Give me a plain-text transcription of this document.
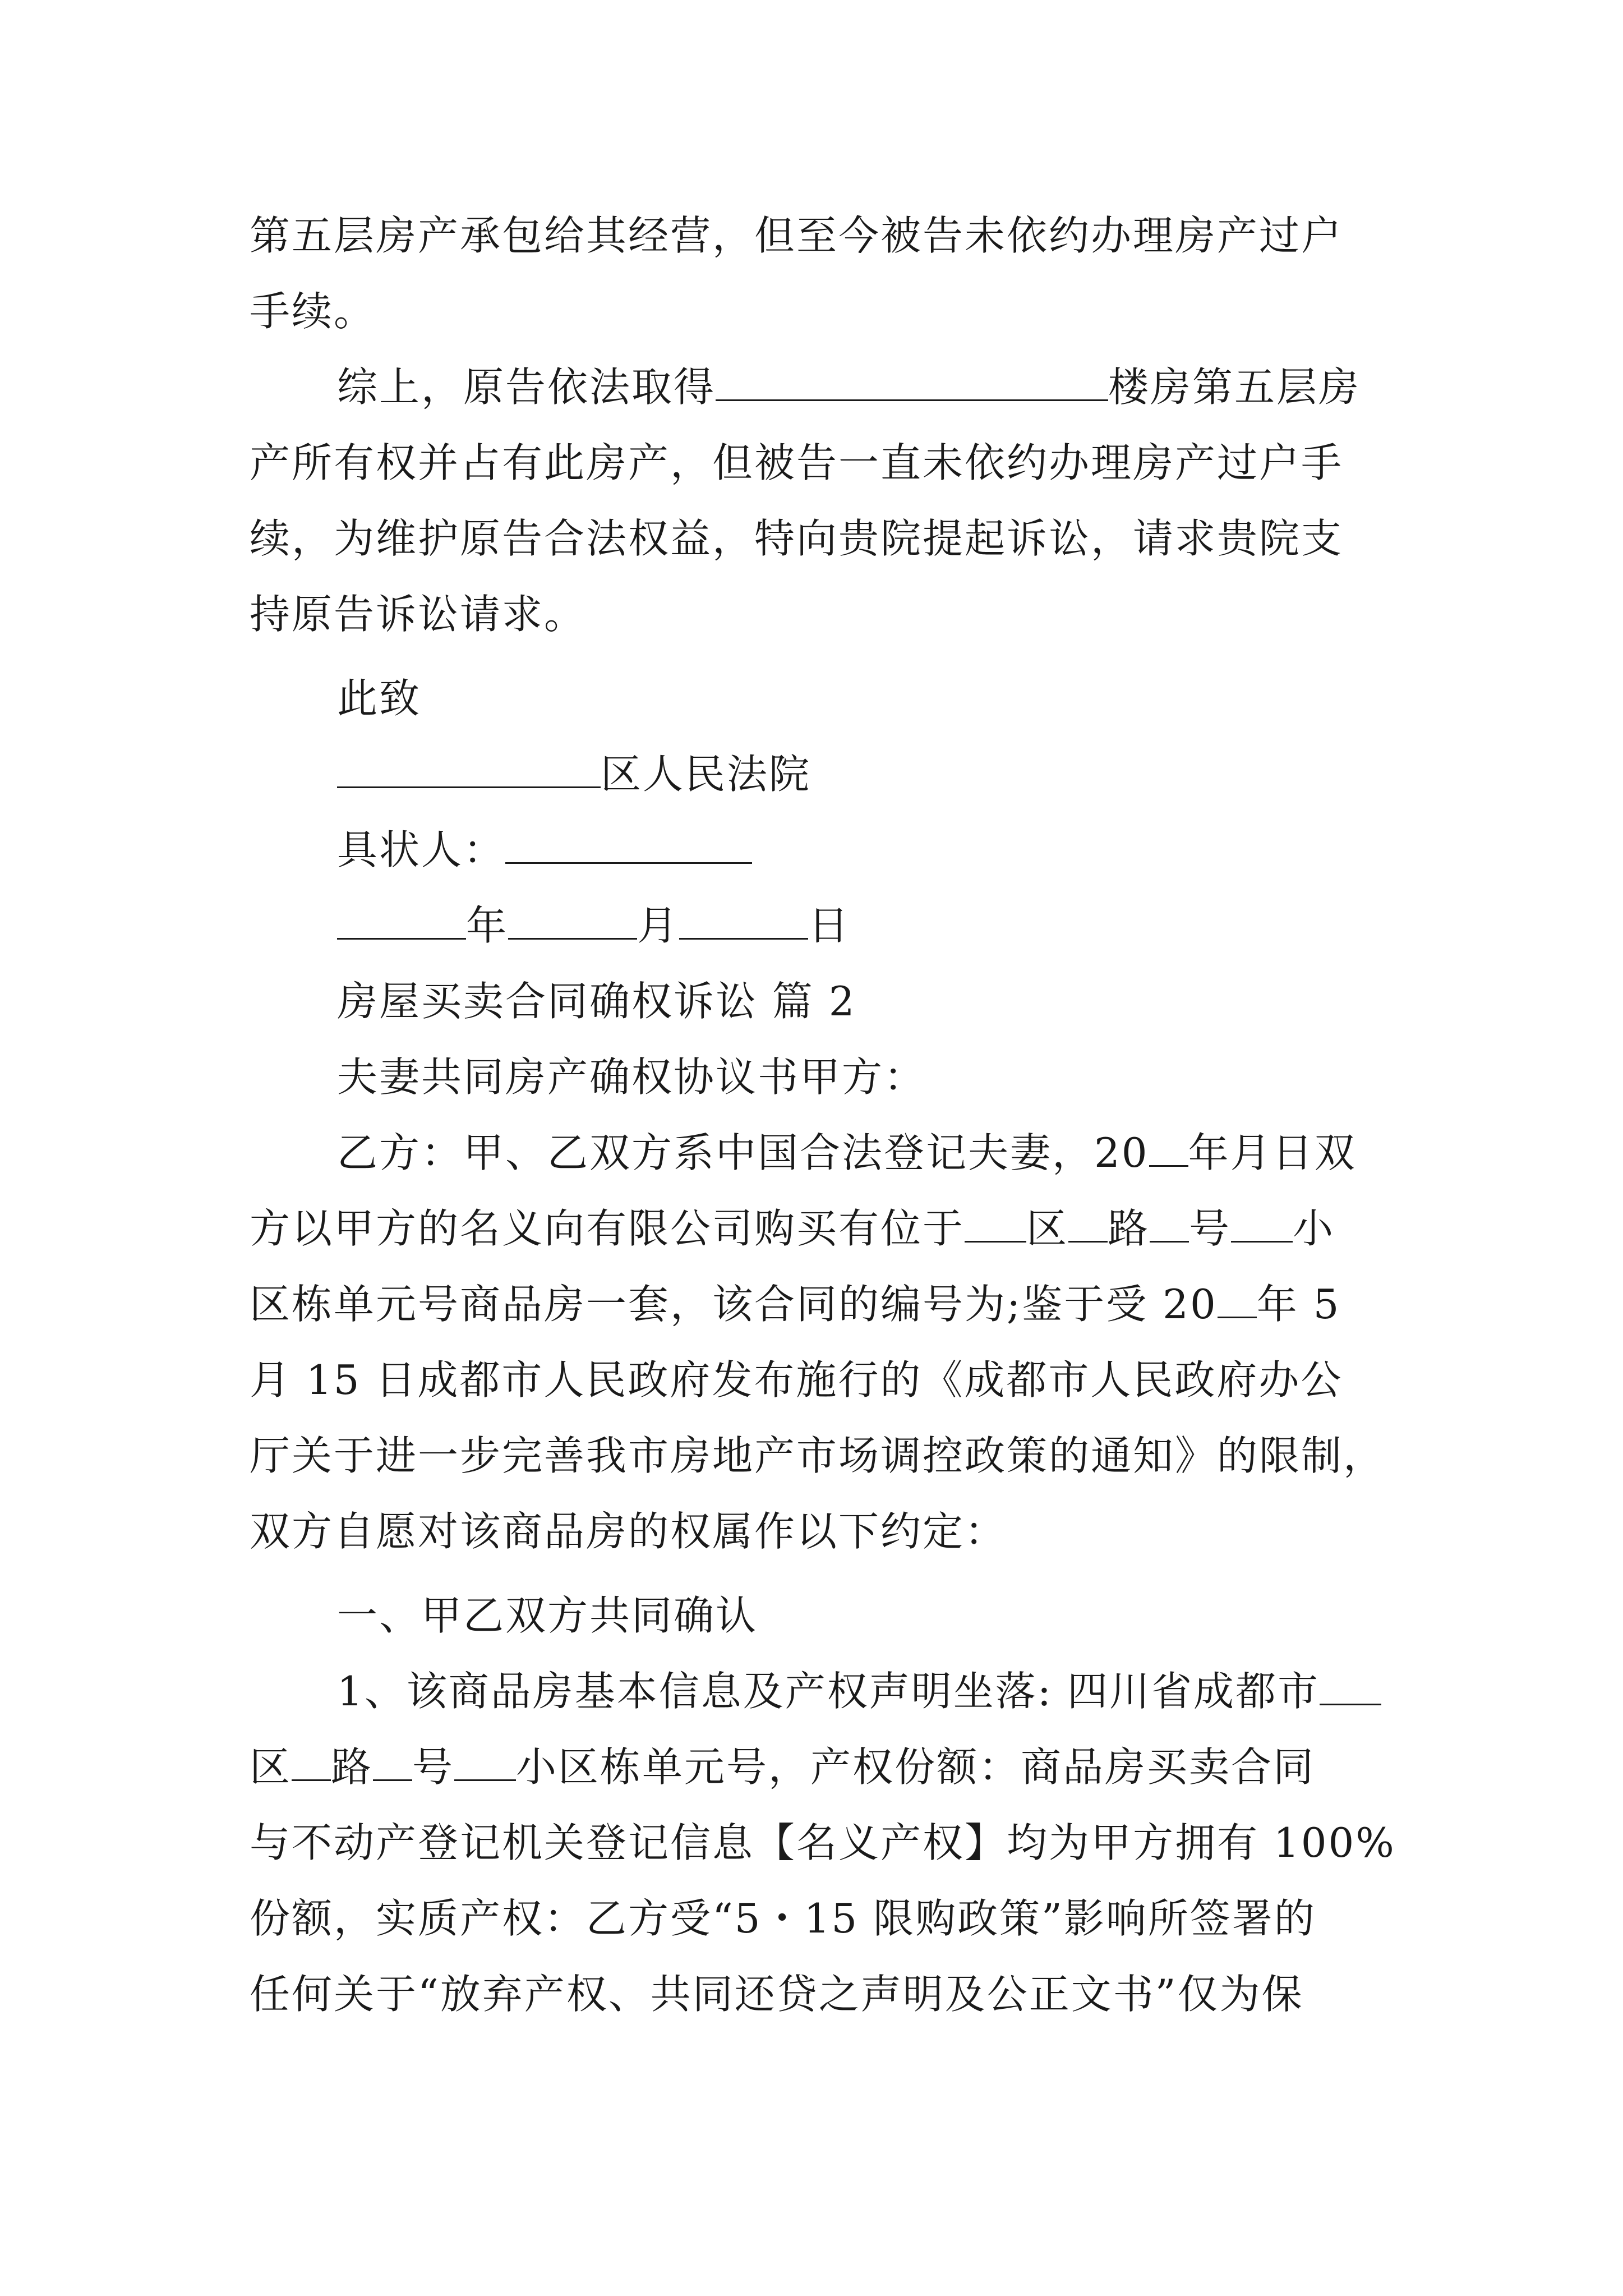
第五层房产承包给其经营，但至今被告未依约办理房产过户
手续。
综上，原告依法取得	楼房第五层房
产所有权并占有此房产，但被告一直未依约办理房产过户手
续，为维护原告合法权益，特向贵院提起诉讼，请求贵院支
持原告诉讼请求。
此致
区人民法院
具状人：
年	月	日
房屋买卖合同确权诉讼 篇 2
夫妻共同房产确权协议书甲方：
乙方：甲、乙双方系中国合法登记夫妻，20 年月日双
方以甲方的名义向有限公司购买有位于 区 路 号 小
区栋单元号商品房一套，该合同的编号为;鉴于受 20 年 5
月 15 日成都市人民政府发布施行的《成都市人民政府办公
厅关于进一步完善我市房地产市场调控政策的通知》的限制，
双方自愿对该商品房的权属作以下约定：
一、甲乙双方共同确认
1、该商品房基本信息及产权声明坐落: 四川省成都市
区 路 号 小区栋单元号，产权份额：商品房买卖合同
与不动产登记机关登记信息【名义产权】均为甲方拥有 100%
份额，实质产权：乙方受“5・15 限购政策”影响所签署的
任何关于“放弃产权、共同还贷之声明及公正文书”仅为保
